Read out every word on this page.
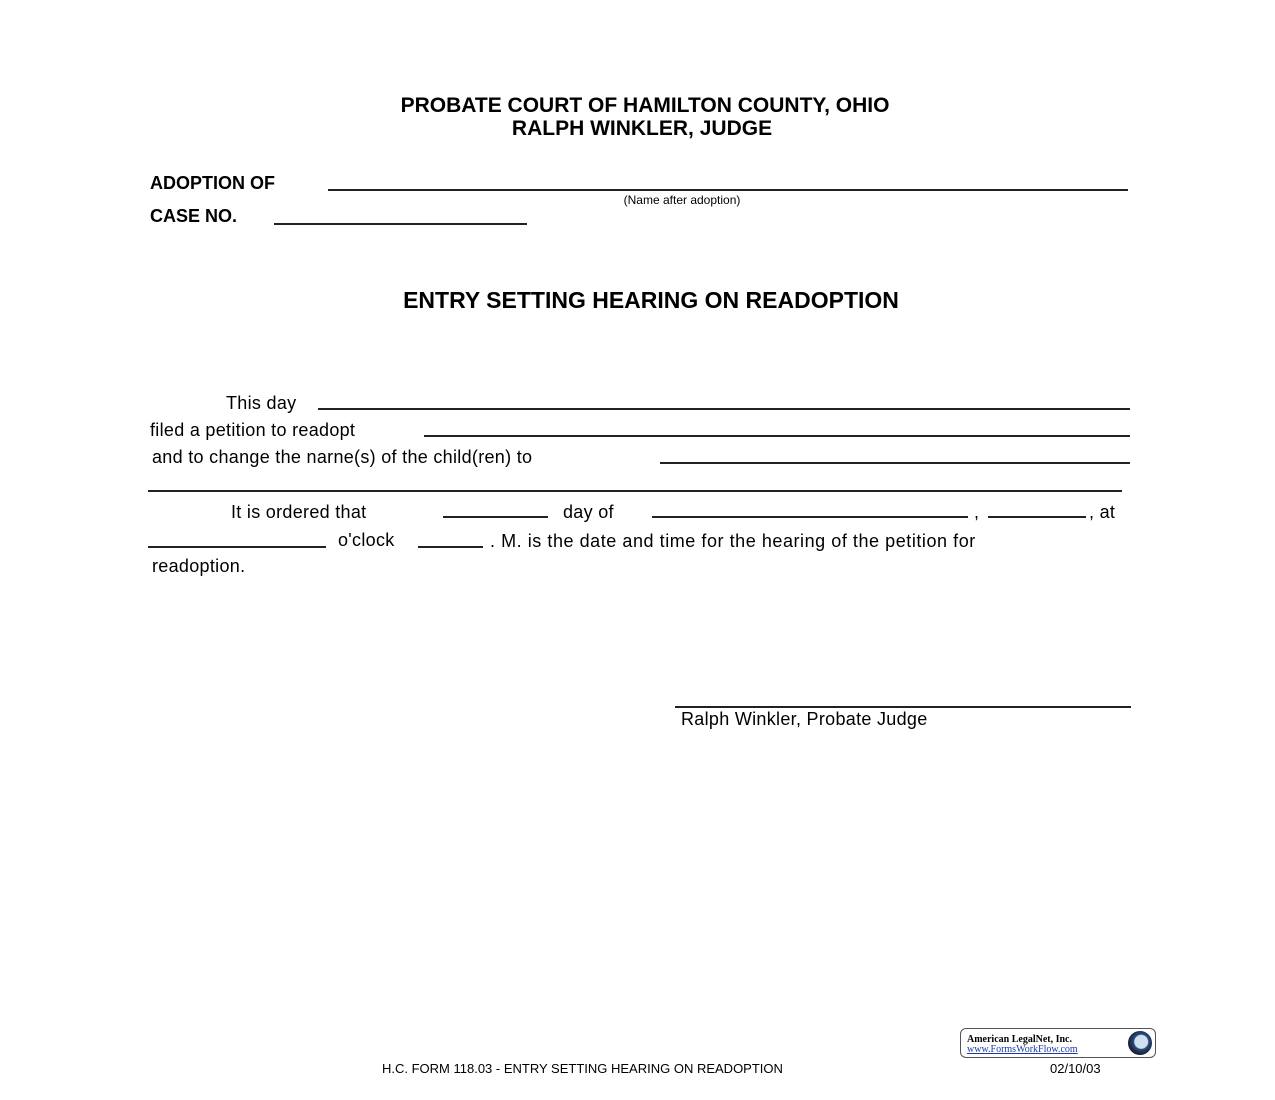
PROBATE COURT OF HAMILTON COUNTY, OHIO
RALPH WINKLER, JUDGE
ADOPTION OF
(Name after adoption)
CASE NO.
ENTRY SETTING HEARING ON READOPTION
This day
filed a petition to readopt
and to change the narne(s) of the child(ren) to
It is ordered that	day of	,	, at
o'clock	. M. is the date and time for the hearing of the petition for
readoption.
Ralph Winkler, Probate Judge
American LegalNet, Inc.
www.FormsWorkFlow.com
H.C. FORM 118.03 - ENTRY SETTING HEARING ON READOPTION	02/10/03
